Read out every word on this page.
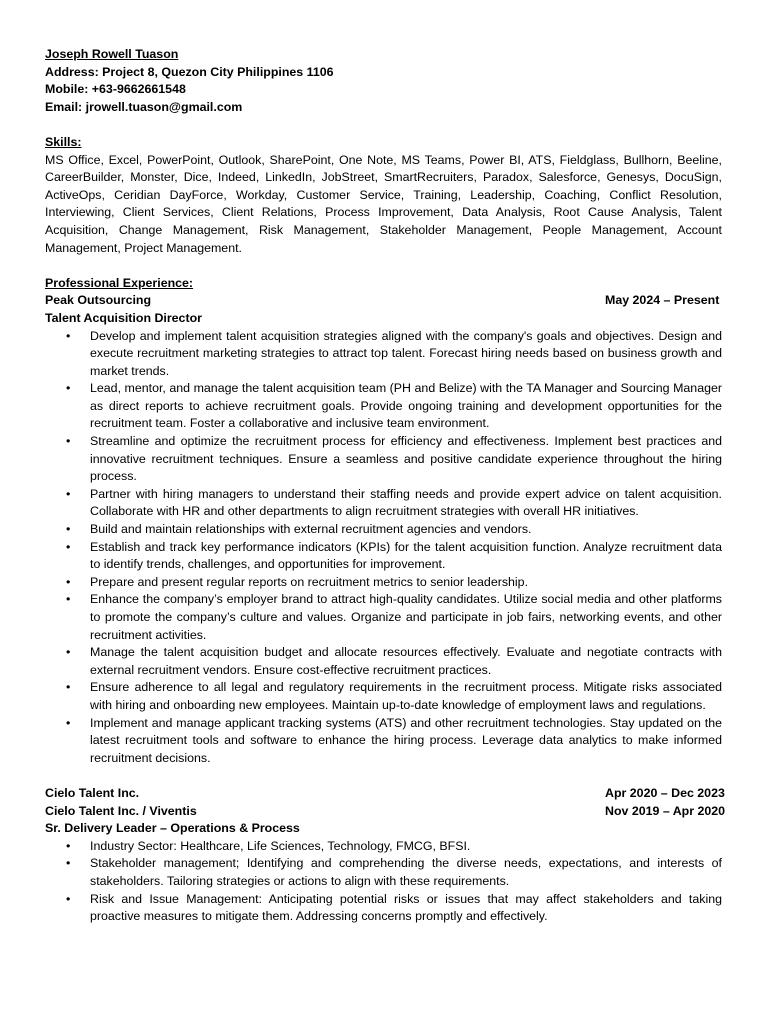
Joseph Rowell Tuason
Address: Project 8, Quezon City Philippines 1106
Mobile: +63-9662661548
Email: jrowell.tuason@gmail.com
Skills:
MS Office, Excel, PowerPoint, Outlook, SharePoint, One Note, MS Teams, Power BI, ATS, Fieldglass, Bullhorn, Beeline, CareerBuilder, Monster, Dice, Indeed, LinkedIn, JobStreet, SmartRecruiters, Paradox, Salesforce, Genesys, DocuSign, ActiveOps, Ceridian DayForce, Workday, Customer Service, Training, Leadership, Coaching, Conflict Resolution, Interviewing, Client Services, Client Relations, Process Improvement, Data Analysis, Root Cause Analysis, Talent Acquisition, Change Management, Risk Management, Stakeholder Management, People Management, Account Management, Project Management.
Professional Experience:
Peak Outsourcing	May 2024 – Present
Talent Acquisition Director
• Develop and implement talent acquisition strategies aligned with the company's goals and objectives. Design and execute recruitment marketing strategies to attract top talent. Forecast hiring needs based on business growth and market trends.
• Lead, mentor, and manage the talent acquisition team (PH and Belize) with the TA Manager and Sourcing Manager as direct reports to achieve recruitment goals. Provide ongoing training and development opportunities for the recruitment team. Foster a collaborative and inclusive team environment.
• Streamline and optimize the recruitment process for efficiency and effectiveness. Implement best practices and innovative recruitment techniques. Ensure a seamless and positive candidate experience throughout the hiring process.
• Partner with hiring managers to understand their staffing needs and provide expert advice on talent acquisition. Collaborate with HR and other departments to align recruitment strategies with overall HR initiatives.
• Build and maintain relationships with external recruitment agencies and vendors.
• Establish and track key performance indicators (KPIs) for the talent acquisition function. Analyze recruitment data to identify trends, challenges, and opportunities for improvement.
• Prepare and present regular reports on recruitment metrics to senior leadership.
• Enhance the company’s employer brand to attract high-quality candidates. Utilize social media and other platforms to promote the company’s culture and values. Organize and participate in job fairs, networking events, and other recruitment activities.
• Manage the talent acquisition budget and allocate resources effectively. Evaluate and negotiate contracts with external recruitment vendors. Ensure cost-effective recruitment practices.
• Ensure adherence to all legal and regulatory requirements in the recruitment process. Mitigate risks associated with hiring and onboarding new employees. Maintain up-to-date knowledge of employment laws and regulations.
• Implement and manage applicant tracking systems (ATS) and other recruitment technologies. Stay updated on the latest recruitment tools and software to enhance the hiring process. Leverage data analytics to make informed recruitment decisions.
Cielo Talent Inc.	Apr 2020 – Dec 2023
Cielo Talent Inc. / Viventis	Nov 2019 – Apr 2020
Sr. Delivery Leader – Operations & Process
• Industry Sector: Healthcare, Life Sciences, Technology, FMCG, BFSI.
• Stakeholder management; Identifying and comprehending the diverse needs, expectations, and interests of stakeholders. Tailoring strategies or actions to align with these requirements.
• Risk and Issue Management: Anticipating potential risks or issues that may affect stakeholders and taking proactive measures to mitigate them. Addressing concerns promptly and effectively.
